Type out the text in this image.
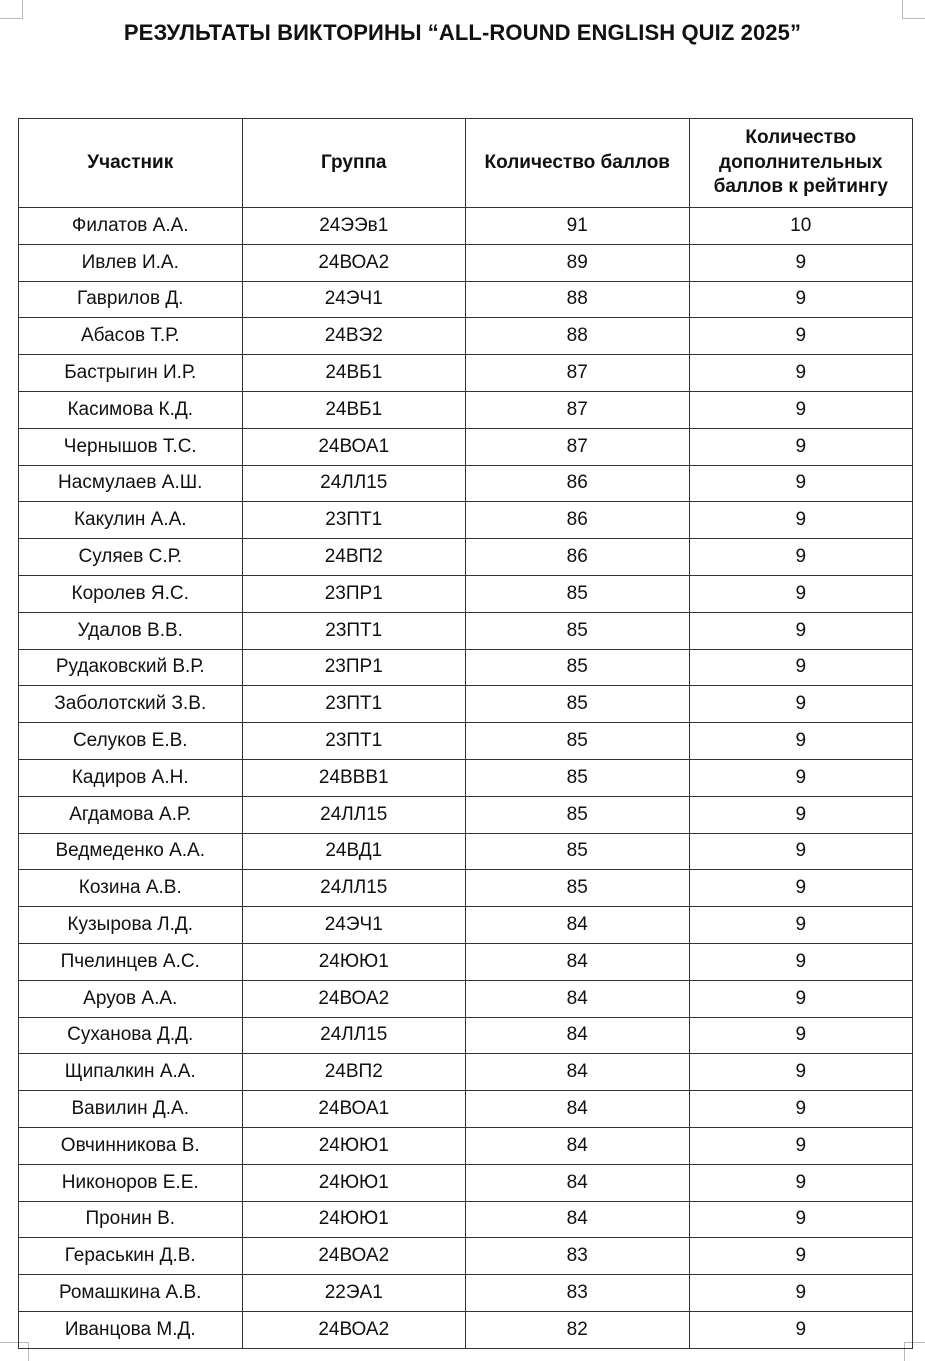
РЕЗУЛЬТАТЫ ВИКТОРИНЫ “ALL-ROUND ENGLISH QUIZ 2025”
Участник	Группа	Количество баллов	Количество дополнительных баллов к рейтингу
Филатов А.А.	24ЭЭв1	91	10
Ивлев И.А.	24ВОА2	89	9
Гаврилов Д.	24ЭЧ1	88	9
Абасов Т.Р.	24ВЭ2	88	9
Бастрыгин И.Р.	24ВБ1	87	9
Касимова К.Д.	24ВБ1	87	9
Чернышов Т.С.	24ВОА1	87	9
Насмулаев А.Ш.	24ЛЛ15	86	9
Какулин А.А.	23ПТ1	86	9
Суляев С.Р.	24ВП2	86	9
Королев Я.С.	23ПР1	85	9
Удалов В.В.	23ПТ1	85	9
Рудаковский В.Р.	23ПР1	85	9
Заболотский З.В.	23ПТ1	85	9
Селуков Е.В.	23ПТ1	85	9
Кадиров А.Н.	24ВВВ1	85	9
Агдамова А.Р.	24ЛЛ15	85	9
Ведмеденко А.А.	24ВД1	85	9
Козина А.В.	24ЛЛ15	85	9
Кузырова Л.Д.	24ЭЧ1	84	9
Пчелинцев А.С.	24ЮЮ1	84	9
Аруов А.А.	24ВОА2	84	9
Суханова Д.Д.	24ЛЛ15	84	9
Щипалкин А.А.	24ВП2	84	9
Вавилин Д.А.	24ВОА1	84	9
Овчинникова В.	24ЮЮ1	84	9
Никоноров Е.Е.	24ЮЮ1	84	9
Пронин В.	24ЮЮ1	84	9
Гераськин Д.В.	24ВОА2	83	9
Ромашкина А.В.	22ЭА1	83	9
Иванцова М.Д.	24ВОА2	82	9
